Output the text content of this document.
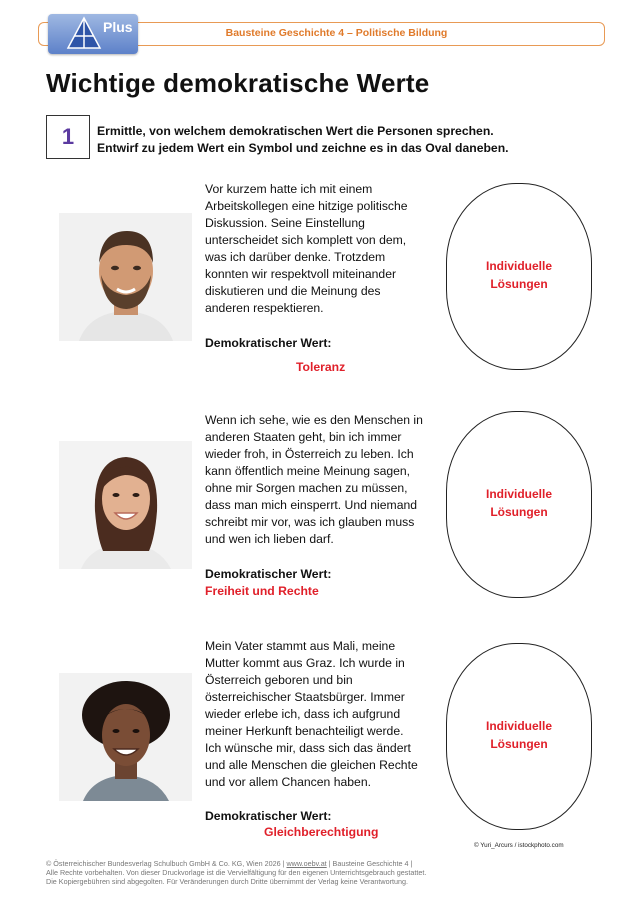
Bausteine Geschichte 4 – Politische Bildung
Plus
Wichtige demokratische Werte
1	Ermittle, von welchem demokratischen Wert die Personen sprechen.
Entwirf zu jedem Wert ein Symbol und zeichne es in das Oval daneben.
Vor kurzem hatte ich mit einem
Arbeitskollegen eine hitzige politische
Diskussion. Seine Einstellung
unterscheidet sich komplett von dem,
was ich darüber denke. Trotzdem
konnten wir respektvoll miteinander
diskutieren und die Meinung des
anderen respektieren.
Demokratischer Wert:
Toleranz
Individuelle
Lösungen
Wenn ich sehe, wie es den Menschen in
anderen Staaten geht, bin ich immer
wieder froh, in Österreich zu leben. Ich
kann öffentlich meine Meinung sagen,
ohne mir Sorgen machen zu müssen,
dass man mich einsperrt. Und niemand
schreibt mir vor, was ich glauben muss
und wen ich lieben darf.
Demokratischer Wert:
Freiheit und Rechte
Individuelle
Lösungen
Mein Vater stammt aus Mali, meine
Mutter kommt aus Graz. Ich wurde in
Österreich geboren und bin
österreichischer Staatsbürger. Immer
wieder erlebe ich, dass ich aufgrund
meiner Herkunft benachteiligt werde.
Ich wünsche mir, dass sich das ändert
und alle Menschen die gleichen Rechte
und vor allem Chancen haben.
Demokratischer Wert:
Gleichberechtigung
Individuelle
Lösungen
© Yuri_Arcurs / istockphoto.com
© Österreichischer Bundesverlag Schulbuch GmbH & Co. KG, Wien 2026 | www.oebv.at | Bausteine Geschichte 4 |
Alle Rechte vorbehalten. Von dieser Druckvorlage ist die Vervielfältigung für den eigenen Unterrichtsgebrauch gestattet.
Die Kopiergebühren sind abgegolten. Für Veränderungen durch Dritte übernimmt der Verlag keine Verantwortung.
